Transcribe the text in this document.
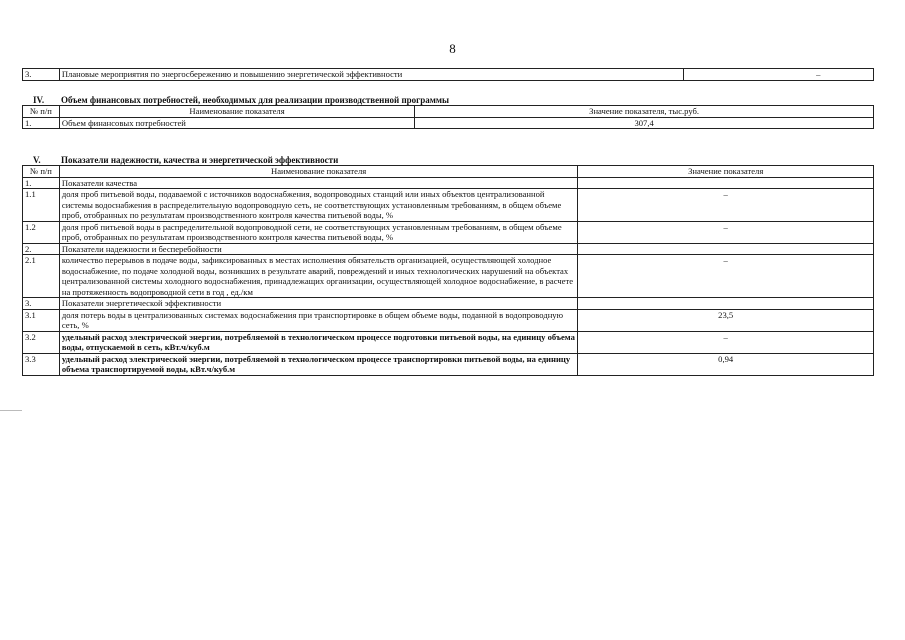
8
3.	Плановые мероприятия по энергосбережению и повышению энергетической эффективности	–
IV. Объем финансовых потребностей, необходимых для реализации производственной программы
№ п/п	Наименование показателя	Значение показателя, тыс.руб.
1.	Объем финансовых потребностей	307,4
V. Показатели надежности, качества и энергетической эффективности
№ п/п	Наименование показателя	Значение показателя
1.	Показатели качества	
1.1	доля проб питьевой воды, подаваемой с источников водоснабжения, водопроводных станций или иных объектов централизованной системы водоснабжения в распределительную водопроводную сеть, не соответствующих установленным требованиям, в общем объеме проб, отобранных по результатам производственного контроля качества питьевой воды, %	–
1.2	доля проб питьевой воды в распределительной водопроводной сети, не соответствующих установленным требованиям, в общем объеме проб, отобранных по результатам производственного контроля качества питьевой воды, %	–
2.	Показатели надежности и бесперебойности	
2.1	количество перерывов в подаче воды, зафиксированных в местах исполнения обязательств организацией, осуществляющей холодное водоснабжение, по подаче холодной воды, возникших в результате аварий, повреждений и иных технологических нарушений на объектах централизованной системы холодного водоснабжения, принадлежащих организации, осуществляющей холодное водоснабжение, в расчете на протяженность водопроводной сети в год , ед./км	–
3.	Показатели энергетической эффективности	
3.1	доля потерь воды в централизованных системах водоснабжения при транспортировке в общем объеме воды, поданной в водопроводную сеть, %	23,5
3.2	удельный расход электрической энергии, потребляемой в технологическом процессе подготовки питьевой воды, на единицу объема воды, отпускаемой в сеть, кВт.ч/куб.м	–
3.3	удельный расход электрической энергии, потребляемой в технологическом процессе транспортировки питьевой воды, на единицу объема транспортируемой воды, кВт.ч/куб.м	0,94
